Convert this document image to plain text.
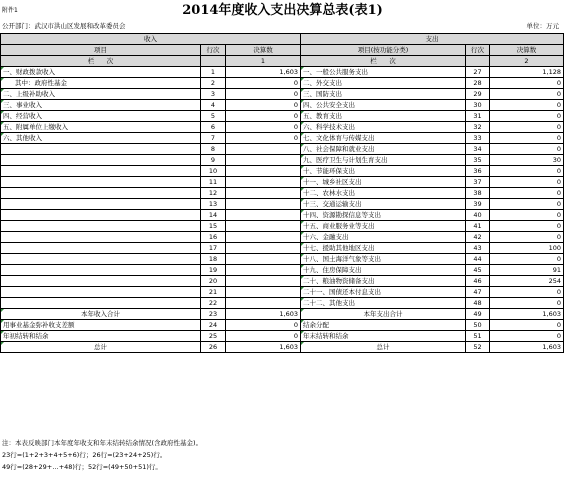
附件1	2014年度收入支出决算总表(表1)
公开部门：武汉市洪山区发展和改革委员会	单位：万元
收入			支出		
项目	行次	决算数	项目(按功能分类)	行次	决算数
栏 次		1	栏 次		2
一、财政拨款收入	1	1,603	一、一般公共服务支出	27	1,128
其中：政府性基金	2	0	二、外交支出	28	0
二、上级补助收入	3	0	三、国防支出	29	0
三、事业收入	4	0	四、公共安全支出	30	0
四、经营收入	5	0	五、教育支出	31	0
五、附属单位上缴收入	6	0	六、科学技术支出	32	0
六、其他收入	7	0	七、文化体育与传媒支出	33	0
	8		八、社会保障和就业支出	34	0
	9		九、医疗卫生与计划生育支出	35	30
	10		十、节能环保支出	36	0
	11		十一、城乡社区支出	37	0
	12		十二、农林水支出	38	0
	13		十三、交通运输支出	39	0
	14		十四、资源勘探信息等支出	40	0
	15		十五、商业服务业等支出	41	0
	16		十六、金融支出	42	0
	17		十七、援助其他地区支出	43	100
	18		十八、国土海洋气象等支出	44	0
	19		十九、住房保障支出	45	91
	20		二十、粮油物资储备支出	46	254
	21		二十一、国债还本付息支出	47	0
	22		二十二、其他支出	48	0
本年收入合计	23	1,603	本年支出合计	49	1,603
用事业基金弥补收支差额	24	0	结余分配	50	0
年初结转和结余	25	0	年末结转和结余	51	0
总计	26	1,603	总计	52	1,603
注：本表反映部门本年度年收支和年末结转结余情况(含政府性基金)。
23行=(1+2+3+4+5+6)行；26行=(23+24+25)行。
49行=(28+29+…+48)行；52行=(49+50+51)行。
